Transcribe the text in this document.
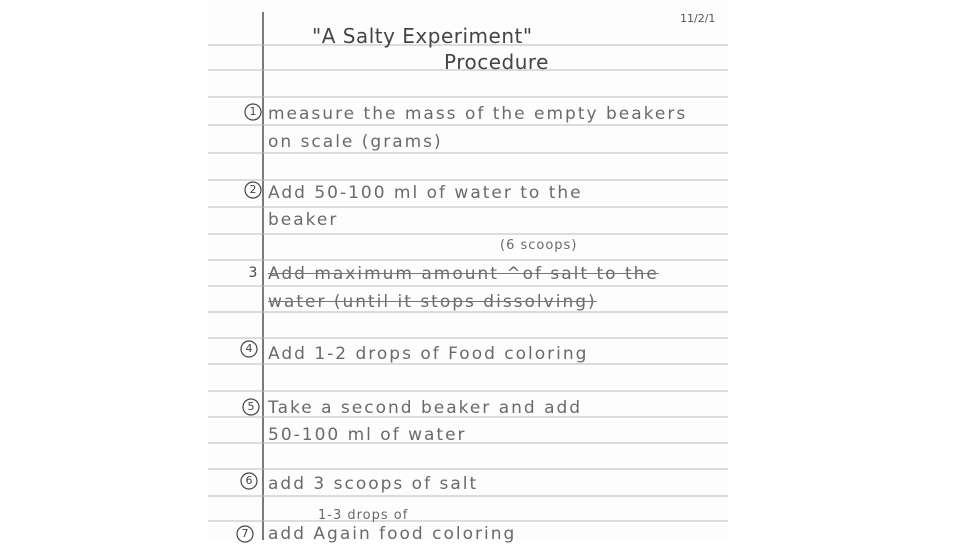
11/2/1
"A Salty Experiment"
Procedure
1 measure the mass of the empty beakers
on scale (grams)
2 Add 50-100 ml of water to the
beaker
(6 scoops)
3 Add maximum amount ^of salt to the
water (until it stops dissolving)
4 Add 1-2 drops of Food coloring
5 Take a second beaker and add
50-100 ml of water
6 add 3 scoops of salt
1-3 drops of
7	add Again food coloring
